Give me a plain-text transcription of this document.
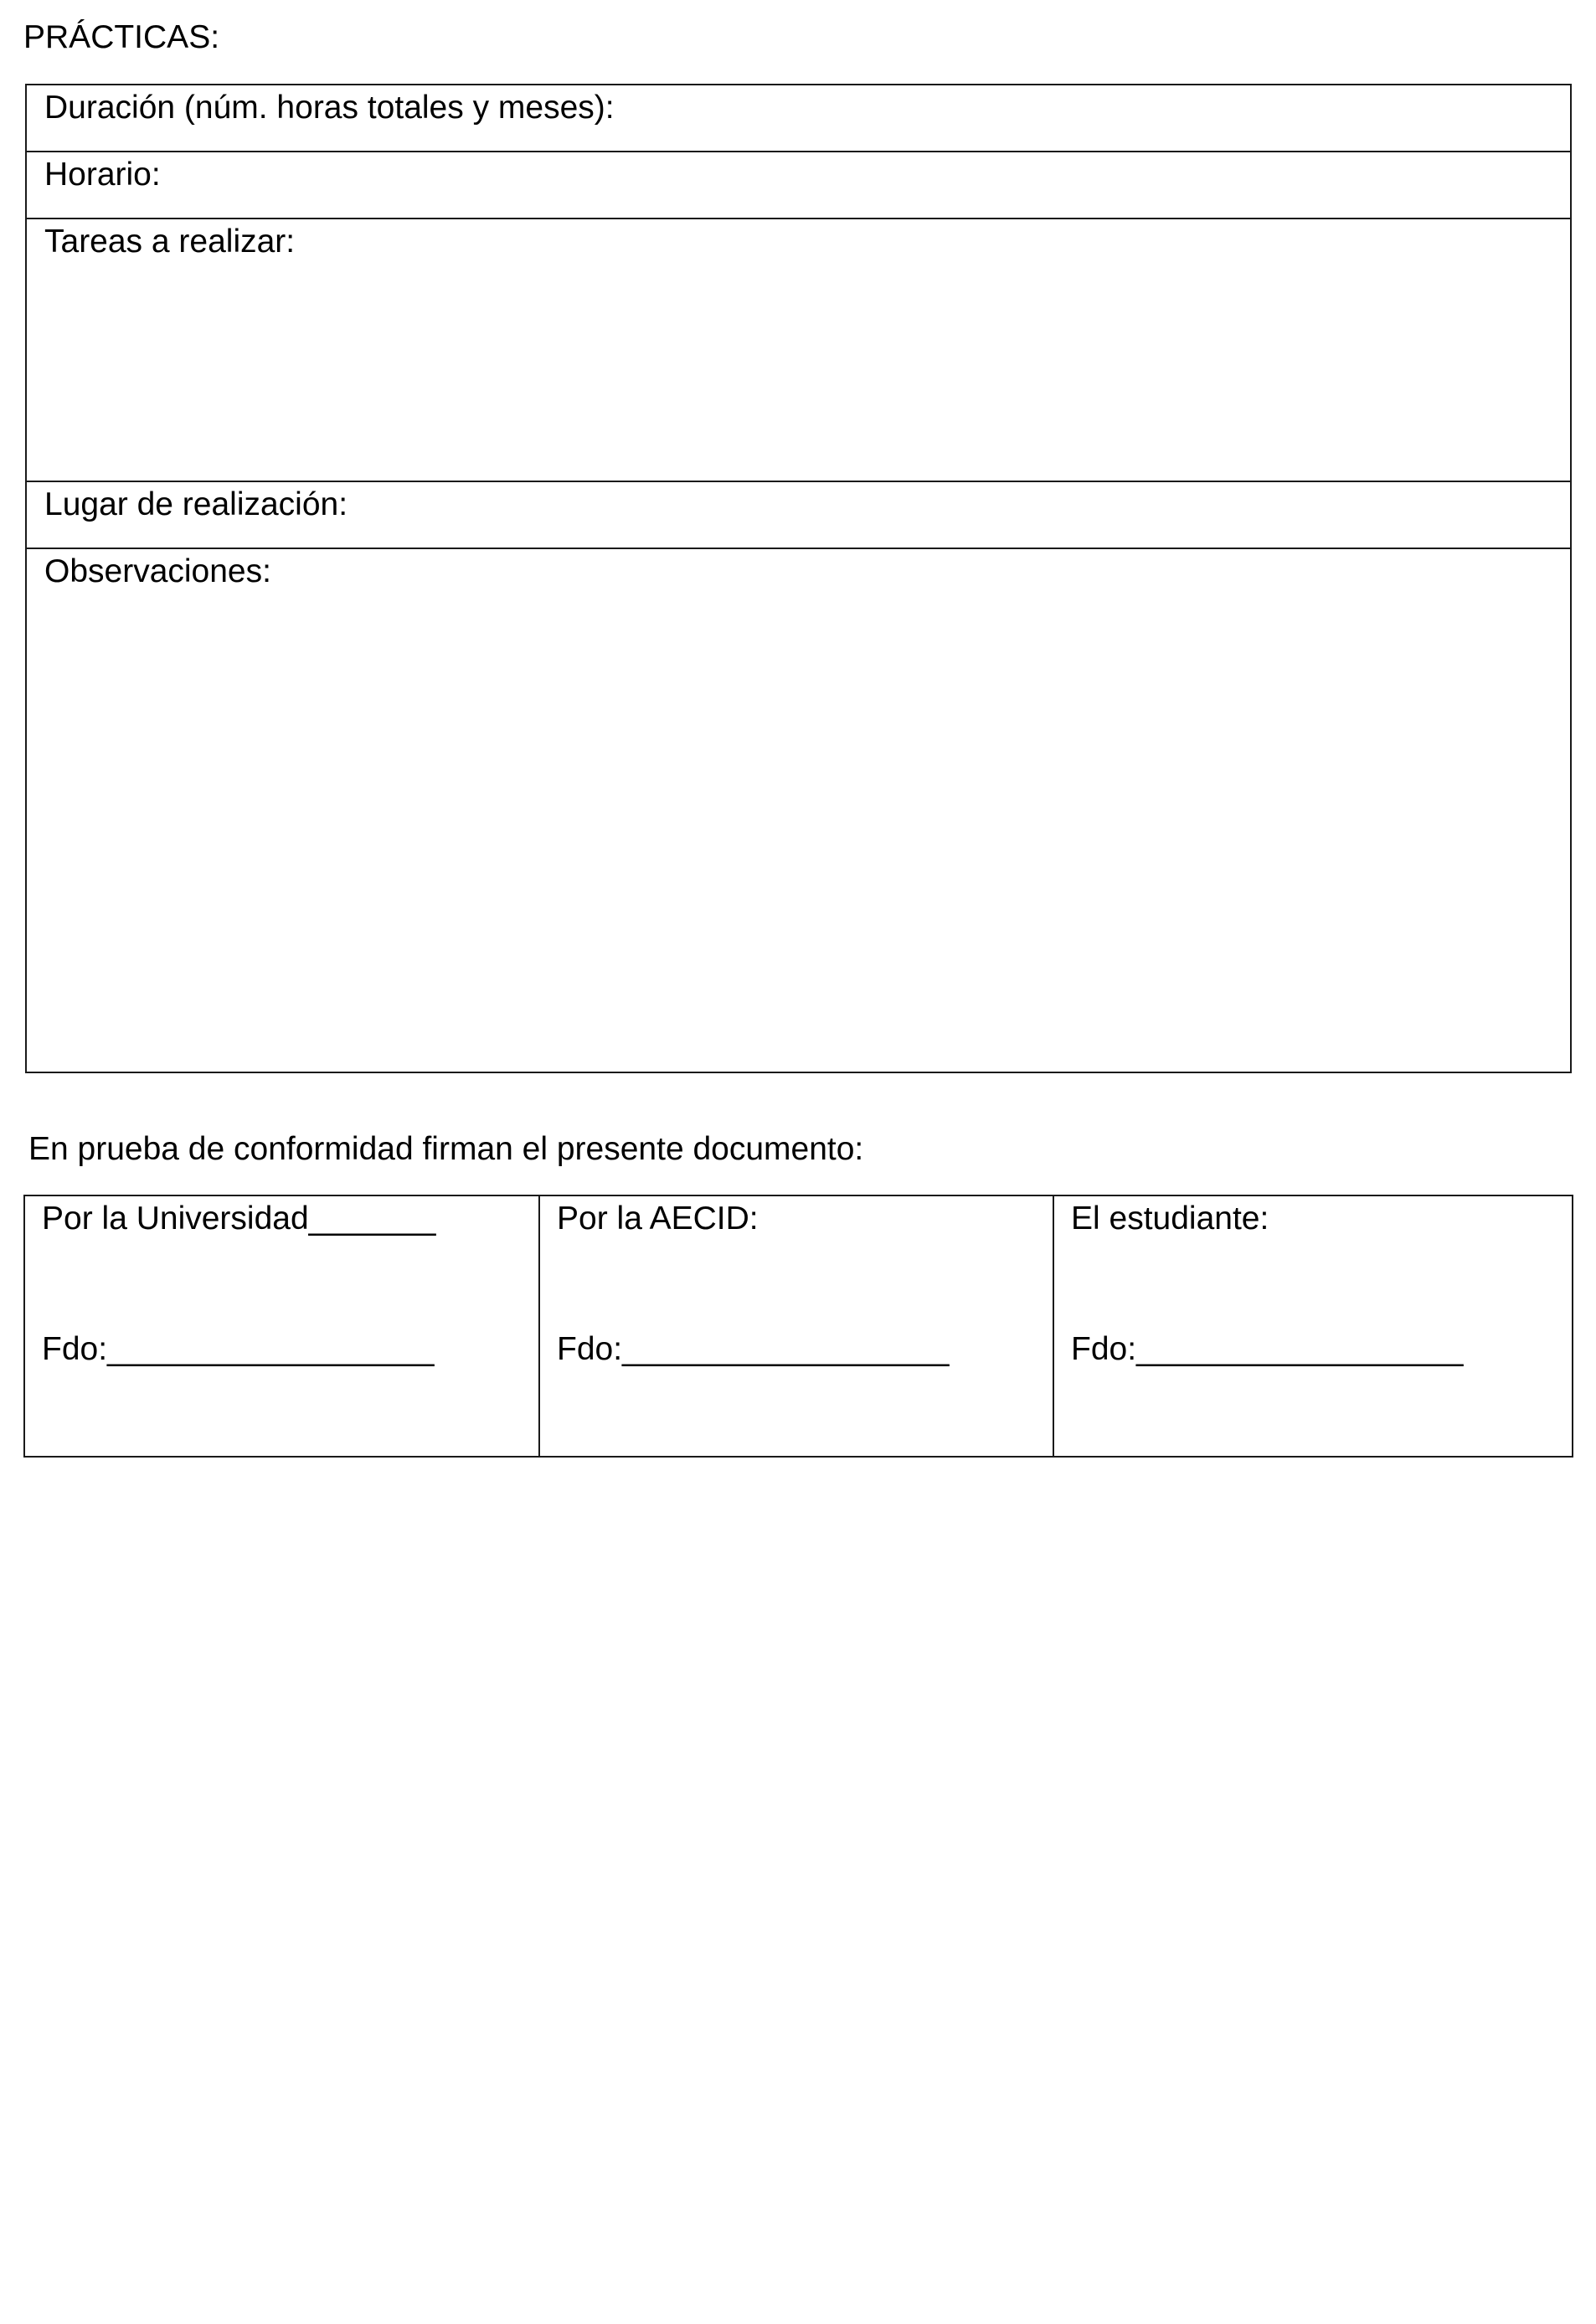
PRÁCTICAS:
Duración (núm. horas totales y meses):
Horario:
Tareas a realizar:
Lugar de realización:
Observaciones:
En prueba de conformidad firman el presente documento:
Por la Universidad_______
Fdo:__________________
Por la AECID:
Fdo:__________________
El estudiante:
Fdo:__________________
